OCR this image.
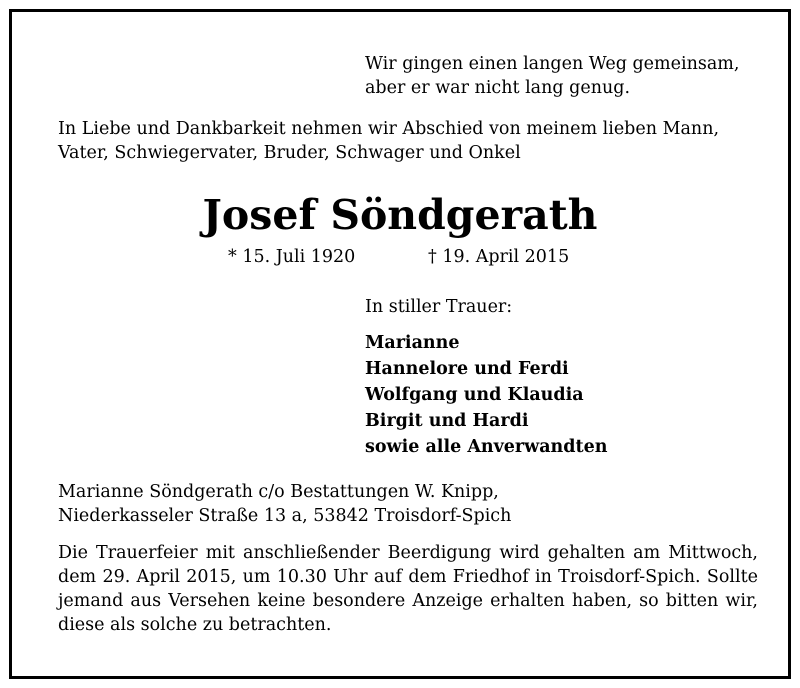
Wir gingen einen langen Weg gemeinsam,
aber er war nicht lang genug.
In Liebe und Dankbarkeit nehmen wir Abschied von meinem lieben Mann,
Vater, Schwiegervater, Bruder, Schwager und Onkel
Josef Söndgerath
* 15. Juli 1920	† 19. April 2015
In stiller Trauer:
Marianne
Hannelore und Ferdi
Wolfgang und Klaudia
Birgit und Hardi
sowie alle Anverwandten
Marianne Söndgerath c/o Bestattungen W. Knipp,
Niederkasseler Straße 13 a, 53842 Troisdorf-Spich
Die Trauerfeier mit anschließender Beerdigung wird gehalten am Mittwoch,
dem 29. April 2015, um 10.30 Uhr auf dem Friedhof in Troisdorf-Spich. Sollte
jemand aus Versehen keine besondere Anzeige erhalten haben, so bitten wir,
diese als solche zu betrachten.
